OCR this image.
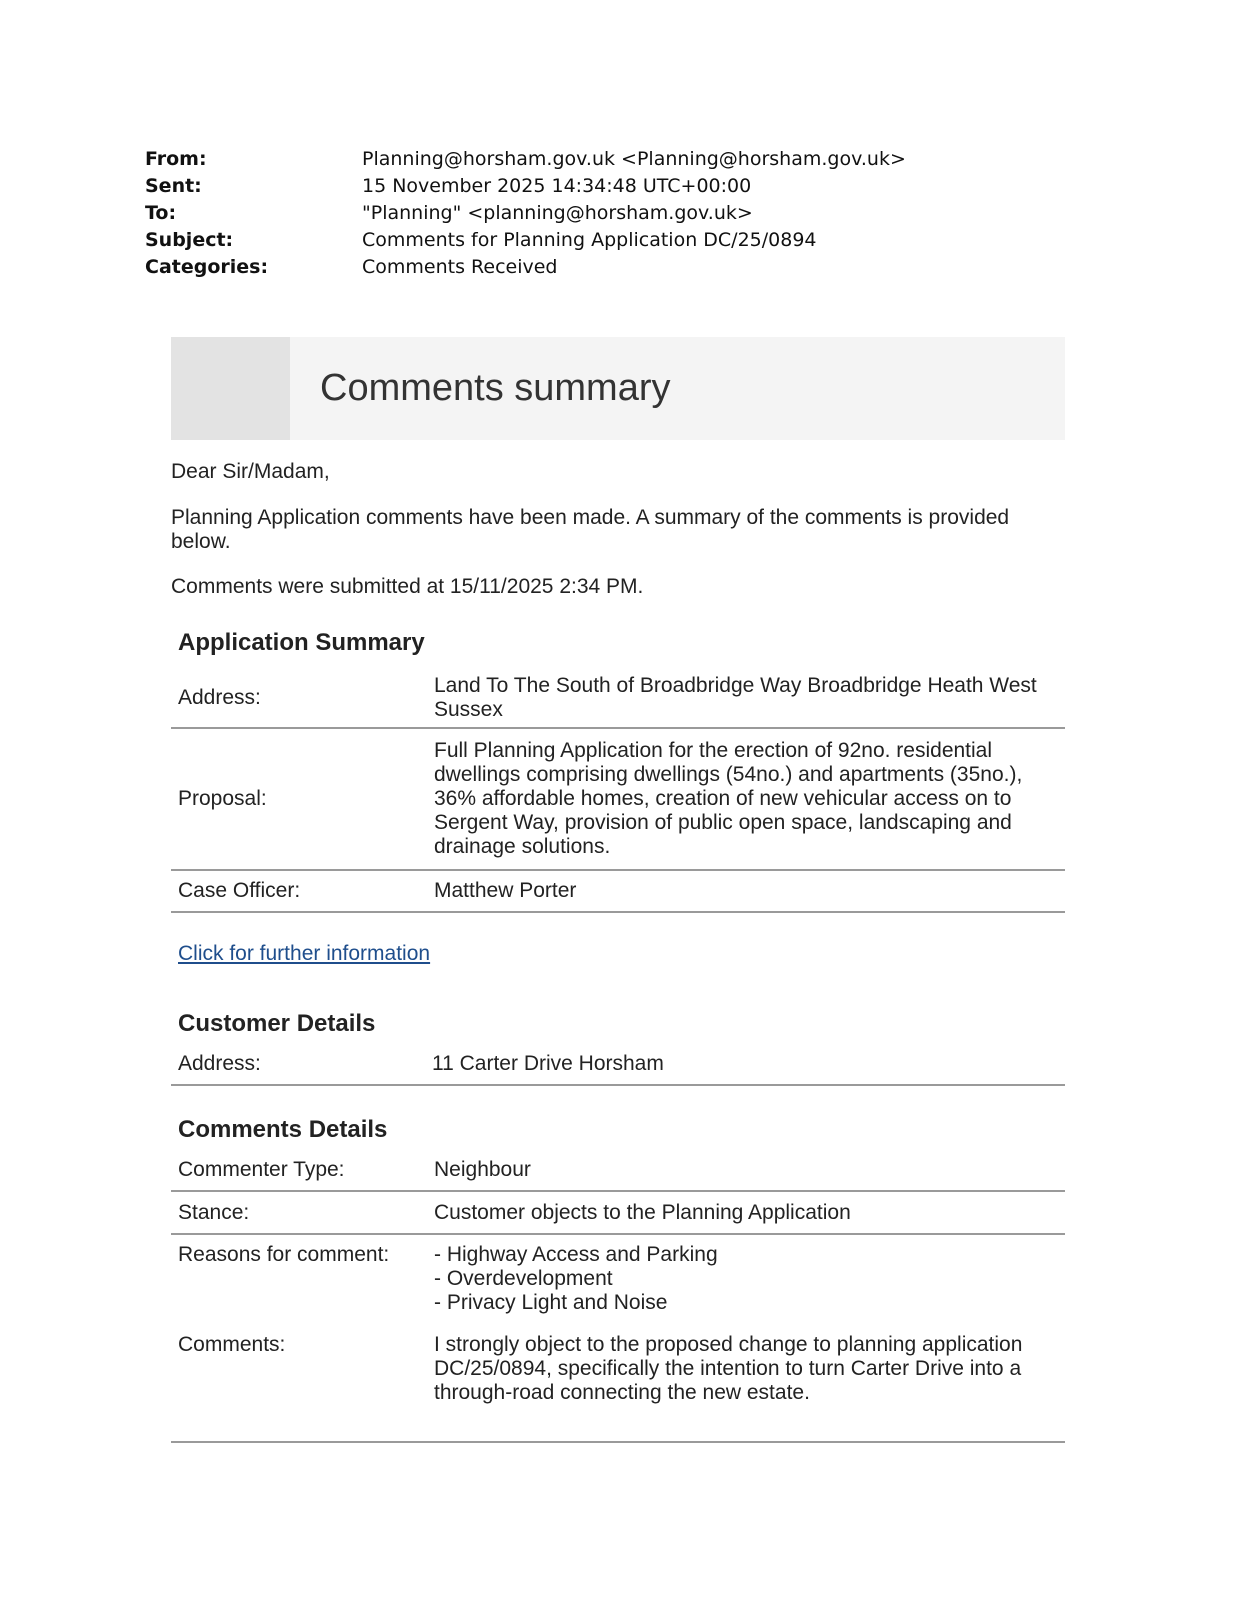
From:	Planning@horsham.gov.uk <Planning@horsham.gov.uk>
Sent:	15 November 2025 14:34:48 UTC+00:00
To:	"Planning" <planning@horsham.gov.uk>
Subject:	Comments for Planning Application DC/25/0894
Categories:	Comments Received
Comments summary

Dear Sir/Madam,

Planning Application comments have been made. A summary of the comments is provided below.

Comments were submitted at 15/11/2025 2:34 PM.

Application Summary
Address:	Land To The South of Broadbridge Way Broadbridge Heath West Sussex
Proposal:	Full Planning Application for the erection of 92no. residential dwellings comprising dwellings (54no.) and apartments (35no.), 36% affordable homes, creation of new vehicular access on to Sergent Way, provision of public open space, landscaping and drainage solutions.
Case Officer:	Matthew Porter
Click for further information
Customer Details
Address:	11 Carter Drive Horsham
Comments Details
Commenter Type:	Neighbour
Stance:	Customer objects to the Planning Application
Reasons for comment:	- Highway Access and Parking
- Overdevelopment
- Privacy Light and Noise

Comments:	I strongly object to the proposed change to planning application DC/25/0894, specifically the intention to turn Carter Drive into a through-road connecting the new estate.
